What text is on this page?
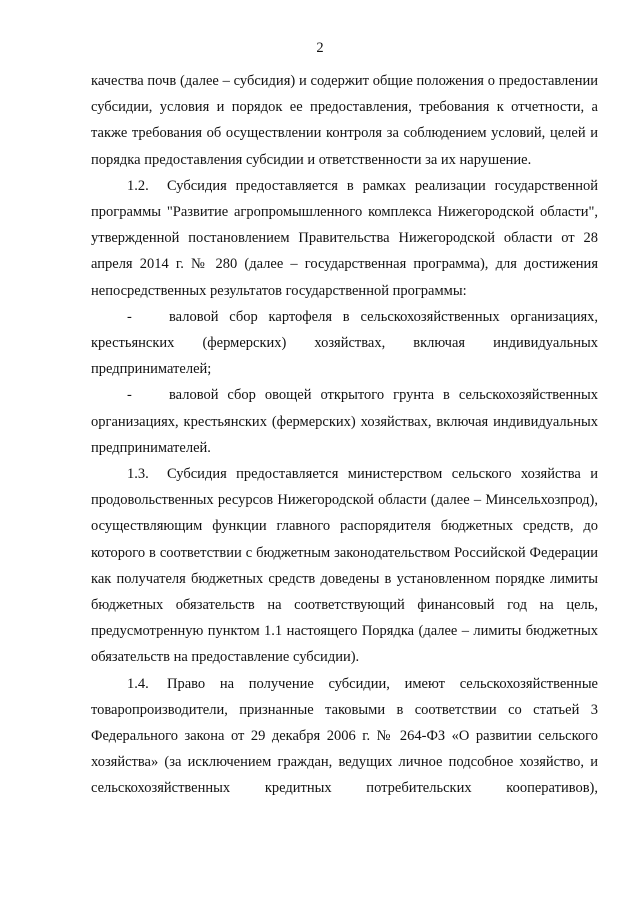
2

качества почв (далее – субсидия) и содержит общие положения о предоставлении субсидии, условия и порядок ее предоставления, требования к отчетности, а также требования об осуществлении контроля за соблюдением условий, целей и порядка предоставления субсидии и ответственности за их нарушение.

1.2. Субсидия предоставляется в рамках реализации государственной программы "Развитие агропромышленного комплекса Нижегородской области", утвержденной постановлением Правительства Нижегородской области от 28 апреля 2014 г. № 280 (далее – государственная программа), для достижения непосредственных результатов государственной программы:

-	валовой сбор картофеля в сельскохозяйственных организациях, крестьянских (фермерских) хозяйствах, включая индивидуальных предпринимателей;

-	валовой сбор овощей открытого грунта в сельскохозяйственных организациях, крестьянских (фермерских) хозяйствах, включая индивидуальных предпринимателей.

1.3. Субсидия предоставляется министерством сельского хозяйства и продовольственных ресурсов Нижегородской области (далее – Минсельхозпрод), осуществляющим функции главного распорядителя бюджетных средств, до которого в соответствии с бюджетным законодательством Российской Федерации как получателя бюджетных средств доведены в установленном порядке лимиты бюджетных обязательств на соответствующий финансовый год на цель, предусмотренную пунктом 1.1 настоящего Порядка (далее – лимиты бюджетных обязательств на предоставление субсидии).

1.4. Право на получение субсидии, имеют сельскохозяйственные товаропроизводители, признанные таковыми в соответствии со статьей 3 Федерального закона от 29 декабря 2006 г. № 264-ФЗ «О развитии сельского хозяйства» (за исключением граждан, ведущих личное подсобное хозяйство, и сельскохозяйственных кредитных потребительских кооперативов),
